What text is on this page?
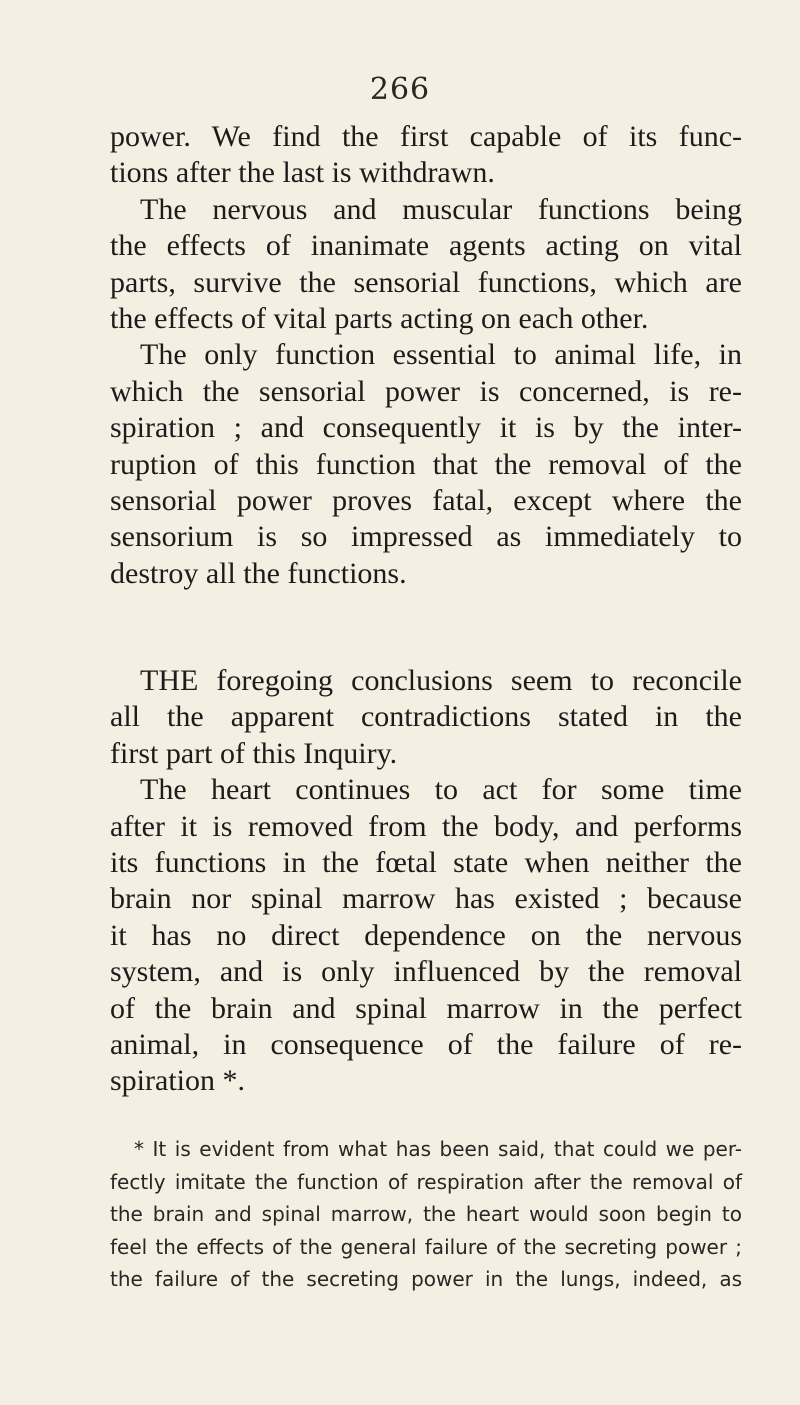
266
power. We find the first capable of its func-
tions after the last is withdrawn.
The nervous and muscular functions being
the effects of inanimate agents acting on vital
parts, survive the sensorial functions, which are
the effects of vital parts acting on each other.
The only function essential to animal life, in
which the sensorial power is concerned, is re-
spiration ; and consequently it is by the inter-
ruption of this function that the removal of the
sensorial power proves fatal, except where the
sensorium is so impressed as immediately to
destroy all the functions.
THE foregoing conclusions seem to reconcile
all the apparent contradictions stated in the
first part of this Inquiry.
The heart continues to act for some time
after it is removed from the body, and performs
its functions in the fœtal state when neither the
brain nor spinal marrow has existed ; because
it has no direct dependence on the nervous
system, and is only influenced by the removal
of the brain and spinal marrow in the perfect
animal, in consequence of the failure of re-
spiration *.
* It is evident from what has been said, that could we per-
fectly imitate the function of respiration after the removal of
the brain and spinal marrow, the heart would soon begin to
feel the effects of the general failure of the secreting power ;
the failure of the secreting power in the lungs, indeed, as
